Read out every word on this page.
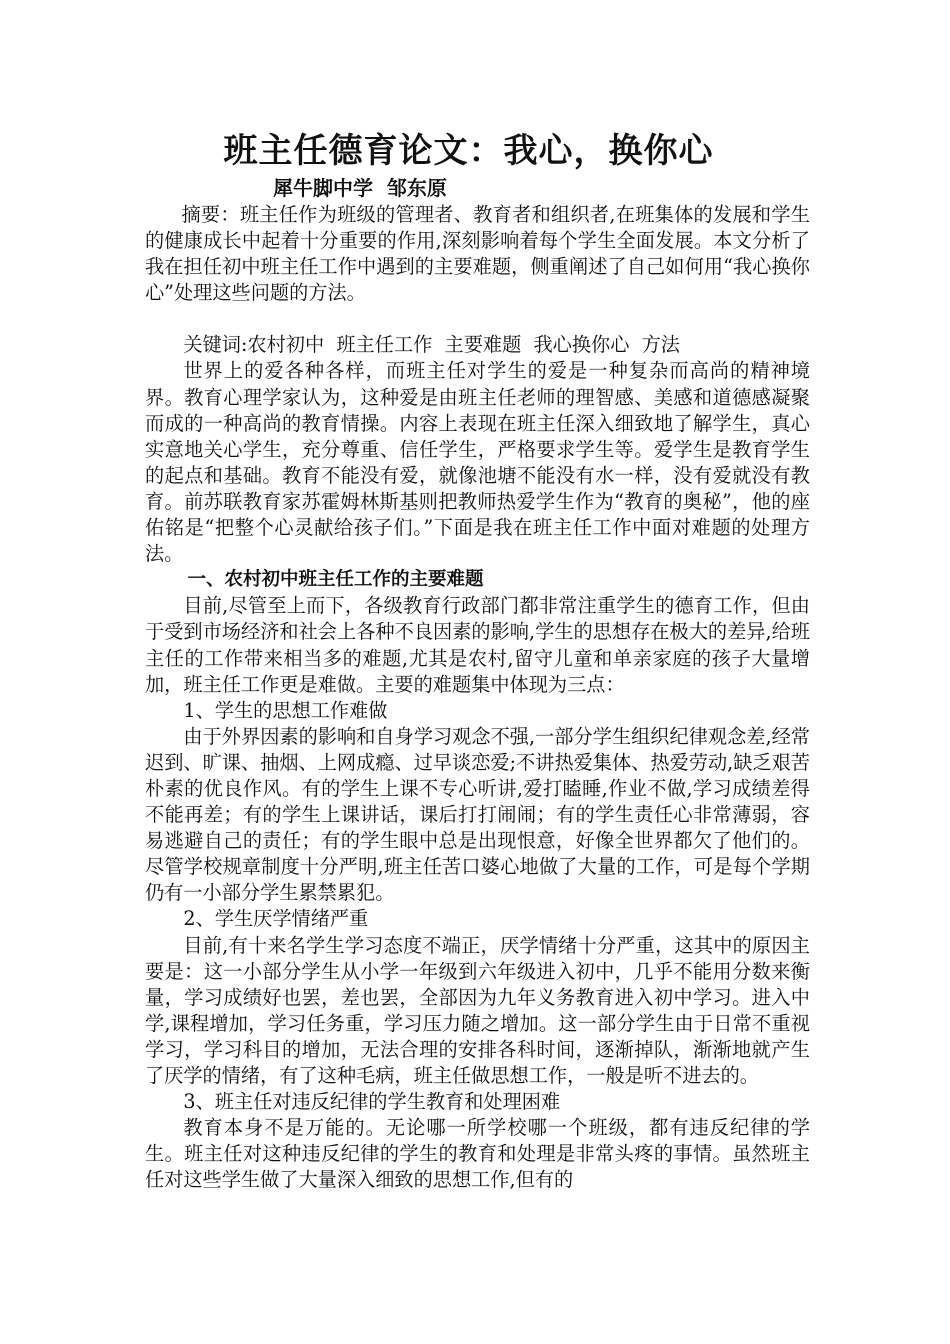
班主任德育论文：我心，换你心
犀牛脚中学  邹东原

摘要：班主任作为班级的管理者、教育者和组织者,在班集体的发展和学生的健康成长中起着十分重要的作用,深刻影响着每个学生全面发展。本文分析了我在担任初中班主任工作中遇到的主要难题，侧重阐述了自己如何用“我心换你心”处理这些问题的方法。

关键词:农村初中  班主任工作  主要难题  我心换你心  方法

世界上的爱各种各样，而班主任对学生的爱是一种复杂而高尚的精神境界。教育心理学家认为，这种爱是由班主任老师的理智感、美感和道德感凝聚而成的一种高尚的教育情操。内容上表现在班主任深入细致地了解学生，真心实意地关心学生，充分尊重、信任学生，严格要求学生等。爱学生是教育学生的起点和基础。教育不能没有爱，就像池塘不能没有水一样，没有爱就没有教育。前苏联教育家苏霍姆林斯基则把教师热爱学生作为“教育的奥秘”，他的座佑铭是“把整个心灵献给孩子们。”下面是我在班主任工作中面对难题的处理方法。

一、农村初中班主任工作的主要难题

目前,尽管至上而下，各级教育行政部门都非常注重学生的德育工作，但由于受到市场经济和社会上各种不良因素的影响,学生的思想存在极大的差异,给班主任的工作带来相当多的难题,尤其是农村,留守儿童和单亲家庭的孩子大量增加，班主任工作更是难做。主要的难题集中体现为三点：

1、学生的思想工作难做

由于外界因素的影响和自身学习观念不强,一部分学生组织纪律观念差,经常迟到、旷课、抽烟、上网成瘾、过早谈恋爱;不讲热爱集体、热爱劳动,缺乏艰苦朴素的优良作风。有的学生上课不专心听讲,爱打瞌睡,作业不做,学习成绩差得不能再差；有的学生上课讲话，课后打打闹闹；有的学生责任心非常薄弱，容易逃避自己的责任；有的学生眼中总是出现恨意，好像全世界都欠了他们的。尽管学校规章制度十分严明,班主任苦口婆心地做了大量的工作，可是每个学期仍有一小部分学生累禁累犯。

2、学生厌学情绪严重

目前,有十来名学生学习态度不端正，厌学情绪十分严重，这其中的原因主要是：这一小部分学生从小学一年级到六年级进入初中，几乎不能用分数来衡量，学习成绩好也罢，差也罢，全部因为九年义务教育进入初中学习。进入中学,课程增加，学习任务重，学习压力随之增加。这一部分学生由于日常不重视学习，学习科目的增加，无法合理的安排各科时间，逐渐掉队，渐渐地就产生了厌学的情绪，有了这种毛病，班主任做思想工作，一般是听不进去的。

3、班主任对违反纪律的学生教育和处理困难

教育本身不是万能的。无论哪一所学校哪一个班级，都有违反纪律的学生。班主任对这种违反纪律的学生的教育和处理是非常头疼的事情。虽然班主任对这些学生做了大量深入细致的思想工作,但有的
